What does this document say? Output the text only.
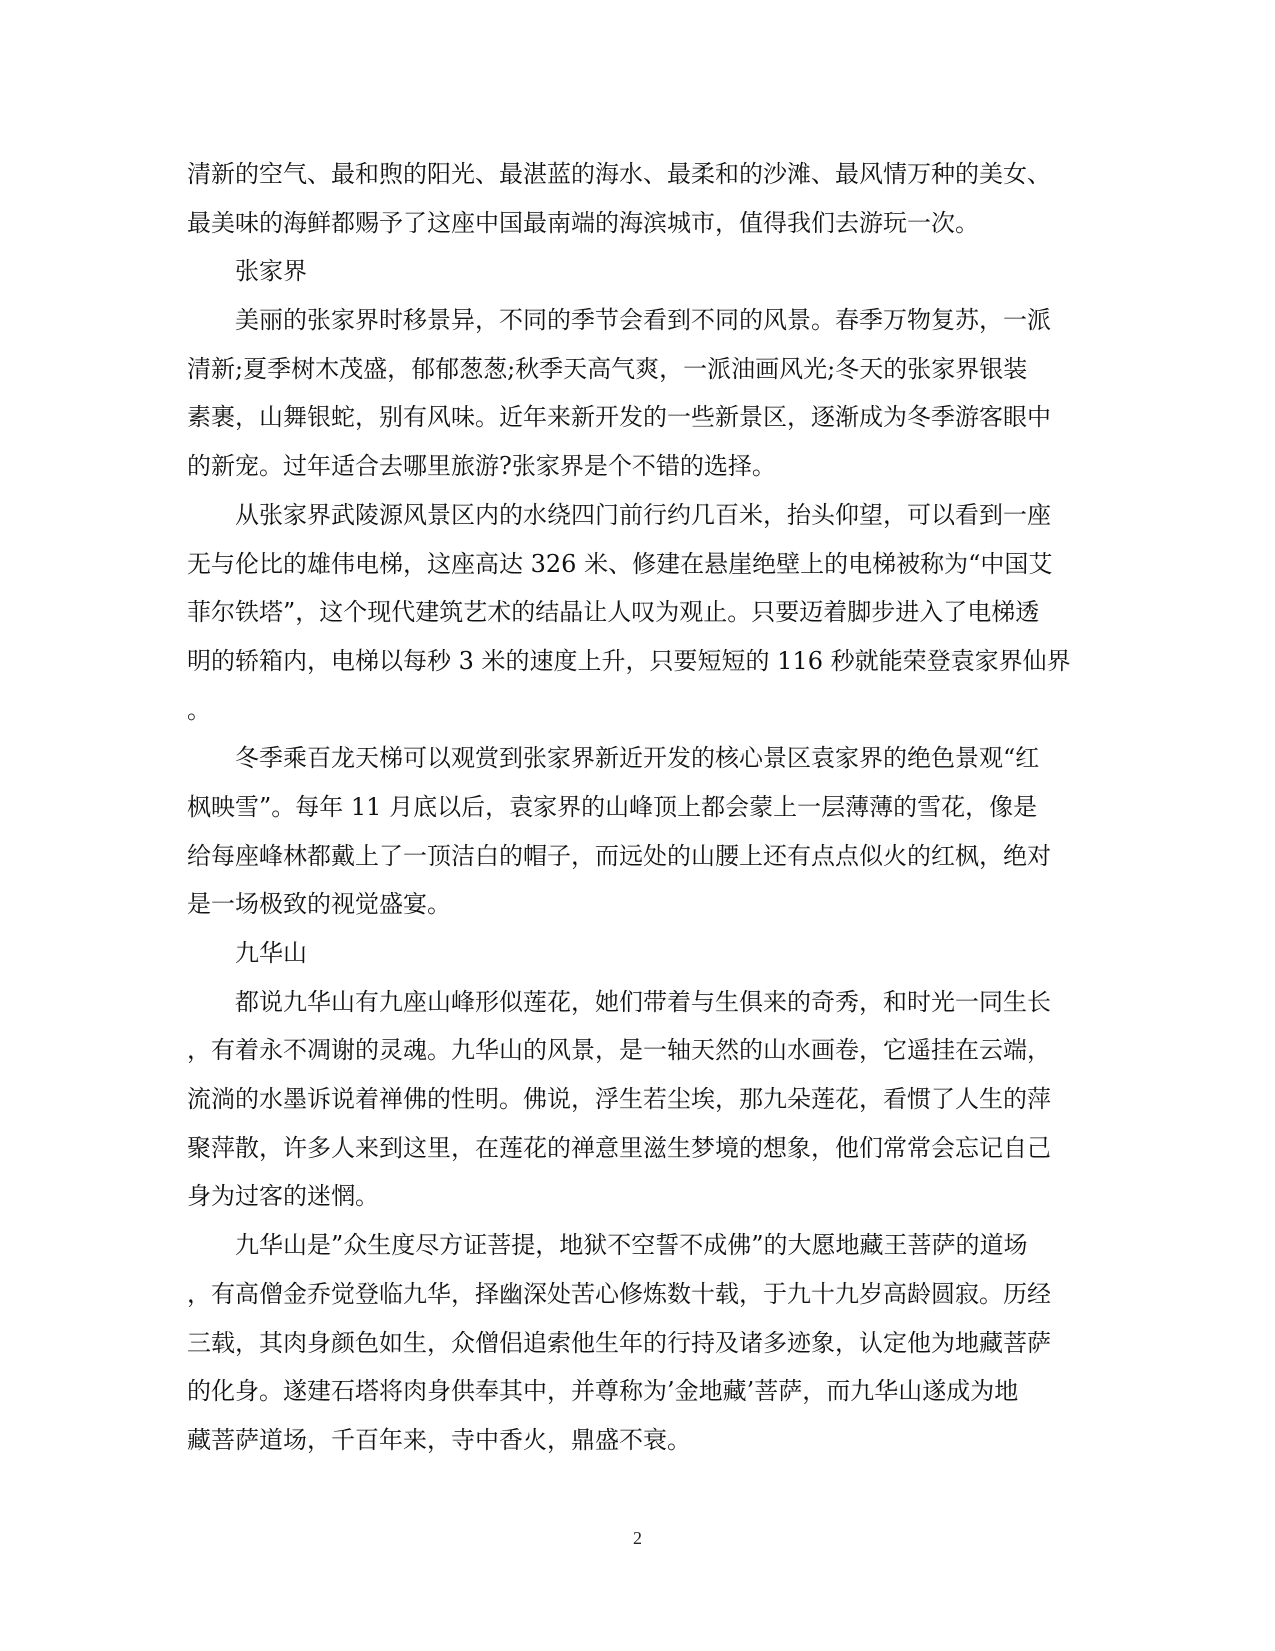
清新的空气、最和煦的阳光、最湛蓝的海水、最柔和的沙滩、最风情万种的美女、
最美味的海鲜都赐予了这座中国最南端的海滨城市，值得我们去游玩一次。
张家界
美丽的张家界时移景异，不同的季节会看到不同的风景。春季万物复苏，一派
清新;夏季树木茂盛，郁郁葱葱;秋季天高气爽，一派油画风光;冬天的张家界银装
素裹，山舞银蛇，别有风味。近年来新开发的一些新景区，逐渐成为冬季游客眼中
的新宠。过年适合去哪里旅游?张家界是个不错的选择。
从张家界武陵源风景区内的水绕四门前行约几百米，抬头仰望，可以看到一座
无与伦比的雄伟电梯，这座高达 326 米、修建在悬崖绝壁上的电梯被称为“中国艾
菲尔铁塔”，这个现代建筑艺术的结晶让人叹为观止。只要迈着脚步进入了电梯透
明的轿箱内，电梯以每秒 3 米的速度上升，只要短短的 116 秒就能荣登袁家界仙界
。
冬季乘百龙天梯可以观赏到张家界新近开发的核心景区袁家界的绝色景观“红
枫映雪”。每年 11 月底以后，袁家界的山峰顶上都会蒙上一层薄薄的雪花，像是
给每座峰林都戴上了一顶洁白的帽子，而远处的山腰上还有点点似火的红枫，绝对
是一场极致的视觉盛宴。
九华山
都说九华山有九座山峰形似莲花，她们带着与生俱来的奇秀，和时光一同生长
，有着永不凋谢的灵魂。九华山的风景，是一轴天然的山水画卷，它遥挂在云端，
流淌的水墨诉说着禅佛的性明。佛说，浮生若尘埃，那九朵莲花，看惯了人生的萍
聚萍散，许多人来到这里，在莲花的禅意里滋生梦境的想象，他们常常会忘记自己
身为过客的迷惘。
九华山是”众生度尽方证菩提，地狱不空誓不成佛”的大愿地藏王菩萨的道场
，有高僧金乔觉登临九华，择幽深处苦心修炼数十载，于九十九岁高龄圆寂。历经
三载，其肉身颜色如生，众僧侣追索他生年的行持及诸多迹象，认定他为地藏菩萨
的化身。遂建石塔将肉身供奉其中，并尊称为’金地藏’菩萨，而九华山遂成为地
藏菩萨道场，千百年来，寺中香火，鼎盛不衰。
2
